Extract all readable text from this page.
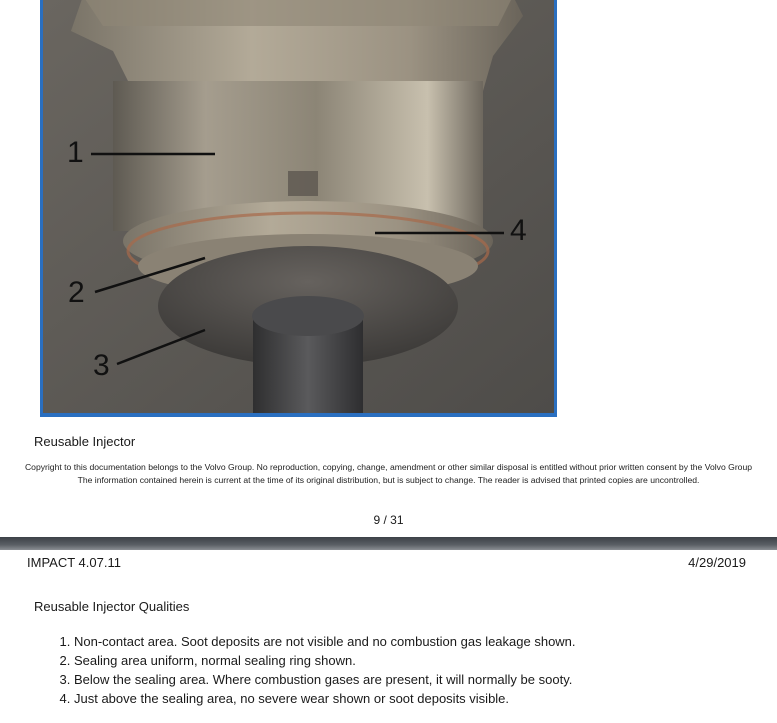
1
2
3
4
Reusable Injector
Copyright to this documentation belongs to the Volvo Group. No reproduction, copying, change, amendment or other similar disposal is entitled without prior written consent by the Volvo Group
The information contained herein is current at the time of its original distribution, but is subject to change. The reader is advised that printed copies are uncontrolled.
9 / 31
IMPACT 4.07.11	4/29/2019
Reusable Injector Qualities
1. Non-contact area. Soot deposits are not visible and no combustion gas leakage shown.
2. Sealing area uniform, normal sealing ring shown.
3. Below the sealing area. Where combustion gases are present, it will normally be sooty.
4. Just above the sealing area, no severe wear shown or soot deposits visible.
